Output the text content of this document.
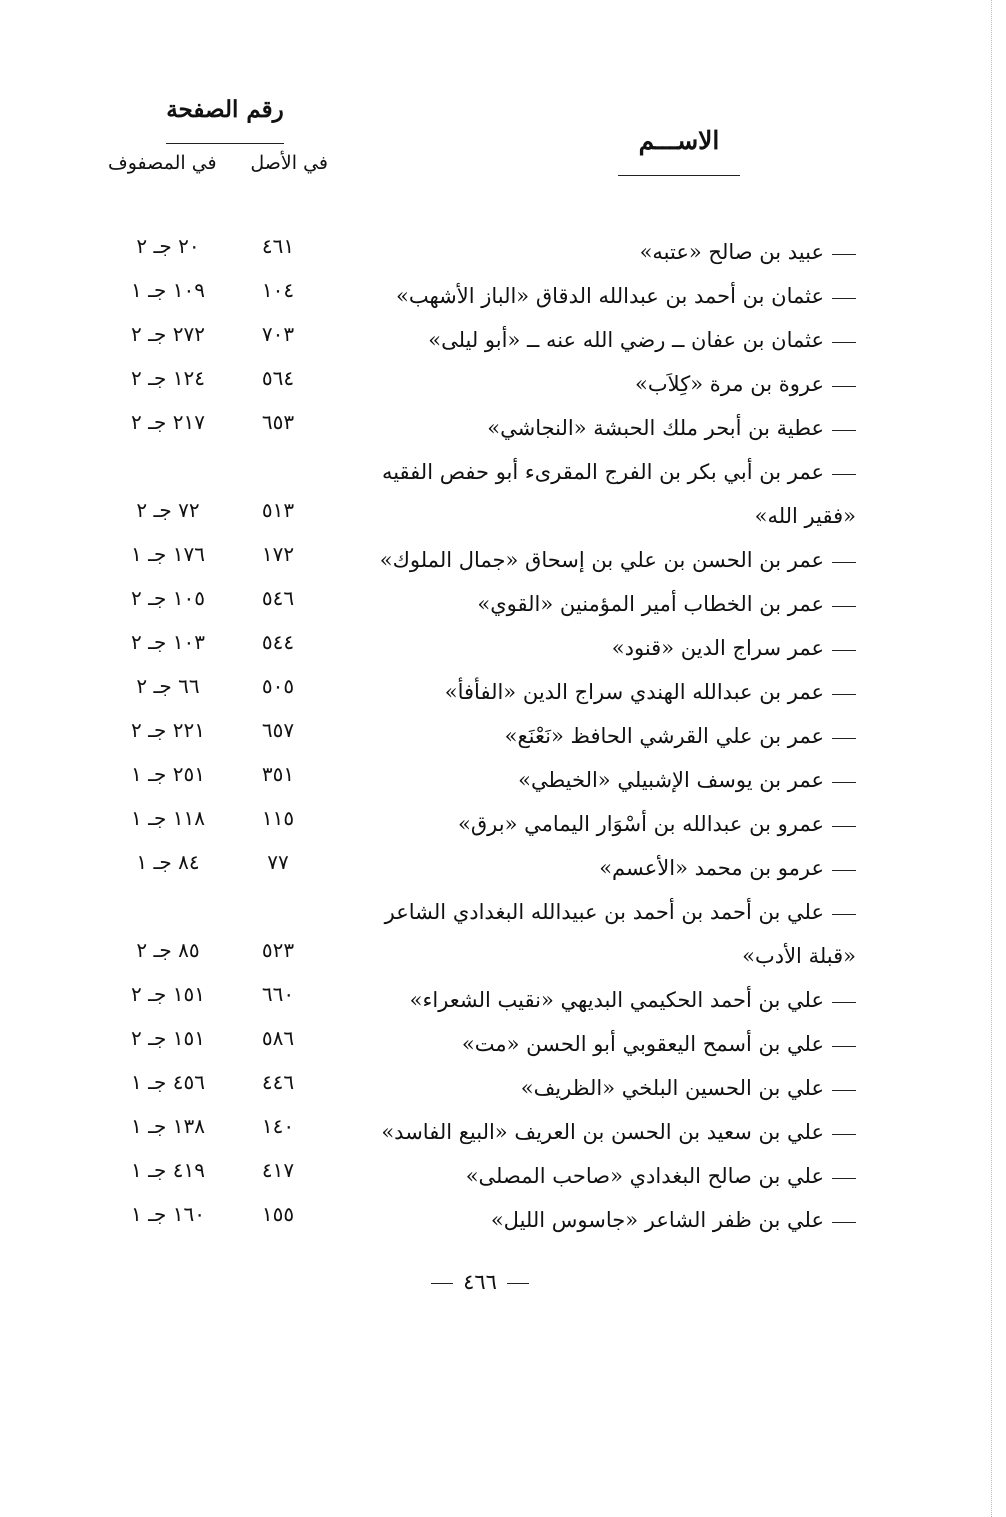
رقم الصفحة
في الأصل
في المصفوف
الاســـم
عبيد بن صالح «عتبه»
٤٦١
٢٠ جـ ٢
عثمان بن أحمد بن عبدالله الدقاق «الباز الأشهب»
١٠٤
١٠٩ جـ ١
عثمان بن عفان ــ رضي الله عنه ــ «أبو ليلى»
٧٠٣
٢٧٢ جـ ٢
عروة بن مرة «كِلاَب»
٥٦٤
١٢٤ جـ ٢
عطية بن أبحر ملك الحبشة «النجاشي»
٦٥٣
٢١٧ جـ ٢
عمر بن أبي بكر بن الفرج المقرىء أبو حفص الفقيه «فقير الله»
٥١٣
٧٢ جـ ٢
عمر بن الحسن بن علي بن إسحاق «جمال الملوك»
١٧٢
١٧٦ جـ ١
عمر بن الخطاب أمير المؤمنين «القوي»
٥٤٦
١٠٥ جـ ٢
عمر سراج الدين «قنود»
٥٤٤
١٠٣ جـ ٢
عمر بن عبدالله الهندي سراج الدين «الفأفأ»
٥٠٥
٦٦ جـ ٢
عمر بن علي القرشي الحافظ «نَعْنَع»
٦٥٧
٢٢١ جـ ٢
عمر بن يوسف الإشبيلي «الخيطي»
٣٥١
٢٥١ جـ ١
عمرو بن عبدالله بن أسْوَار اليمامي «برق»
١١٥
١١٨ جـ ١
عرمو بن محمد «الأعسم»
٧٧
٨٤ جـ ١
علي بن أحمد بن أحمد بن عبيدالله البغدادي الشاعر «قبلة الأدب»
٥٢٣
٨٥ جـ ٢
علي بن أحمد الحكيمي البديهي «نقيب الشعراء»
٦٦٠
١٥١ جـ ٢
علي بن أسمح اليعقوبي أبو الحسن «مت»
٥٨٦
١٥١ جـ ٢
علي بن الحسين البلخي «الظريف»
٤٤٦
٤٥٦ جـ ١
علي بن سعيد بن الحسن بن العريف «البيع الفاسد»
١٤٠
١٣٨ جـ ١
علي بن صالح البغدادي «صاحب المصلى»
٤١٧
٤١٩ جـ ١
علي بن ظفر الشاعر «جاسوس الليل»
١٥٥
١٦٠ جـ ١
٤٦٦
